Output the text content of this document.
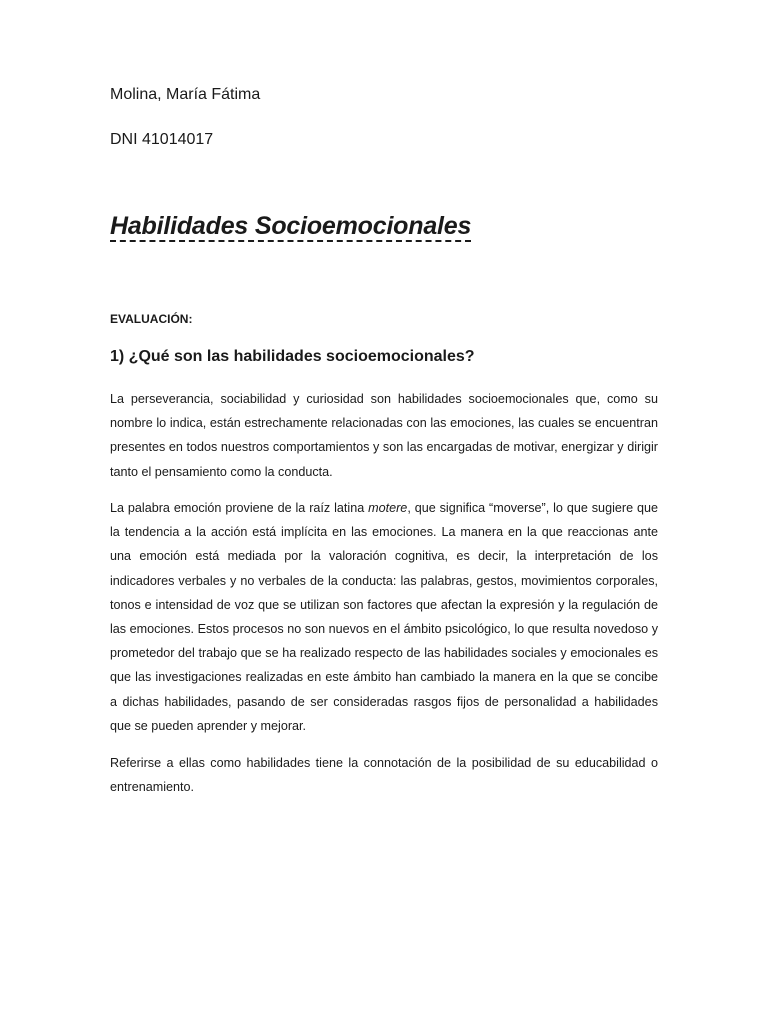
Molina, María Fátima
DNI 41014017
Habilidades Socioemocionales
EVALUACIÓN:
1) ¿Qué son las habilidades socioemocionales?

La perseverancia, sociabilidad y curiosidad son habilidades socioemocionales que, como su nombre lo indica, están estrechamente relacionadas con las emociones, las cuales se encuentran presentes en todos nuestros comportamientos y son las encargadas de motivar, energizar y dirigir tanto el pensamiento como la conducta.

La palabra emoción proviene de la raíz latina motere, que significa “moverse”, lo que sugiere que la tendencia a la acción está implícita en las emociones. La manera en la que reaccionas ante una emoción está mediada por la valoración cognitiva, es decir, la interpretación de los indicadores verbales y no verbales de la conducta: las palabras, gestos, movimientos corporales, tonos e intensidad de voz que se utilizan son factores que afectan la expresión y la regulación de las emociones. Estos procesos no son nuevos en el ámbito psicológico, lo que resulta novedoso y prometedor del trabajo que se ha realizado respecto de las habilidades sociales y emocionales es que las investigaciones realizadas en este ámbito han cambiado la manera en la que se concibe a dichas habilidades, pasando de ser consideradas rasgos fijos de personalidad a habilidades que se pueden aprender y mejorar.

Referirse a ellas como habilidades tiene la connotación de la posibilidad de su educabilidad o entrenamiento.
